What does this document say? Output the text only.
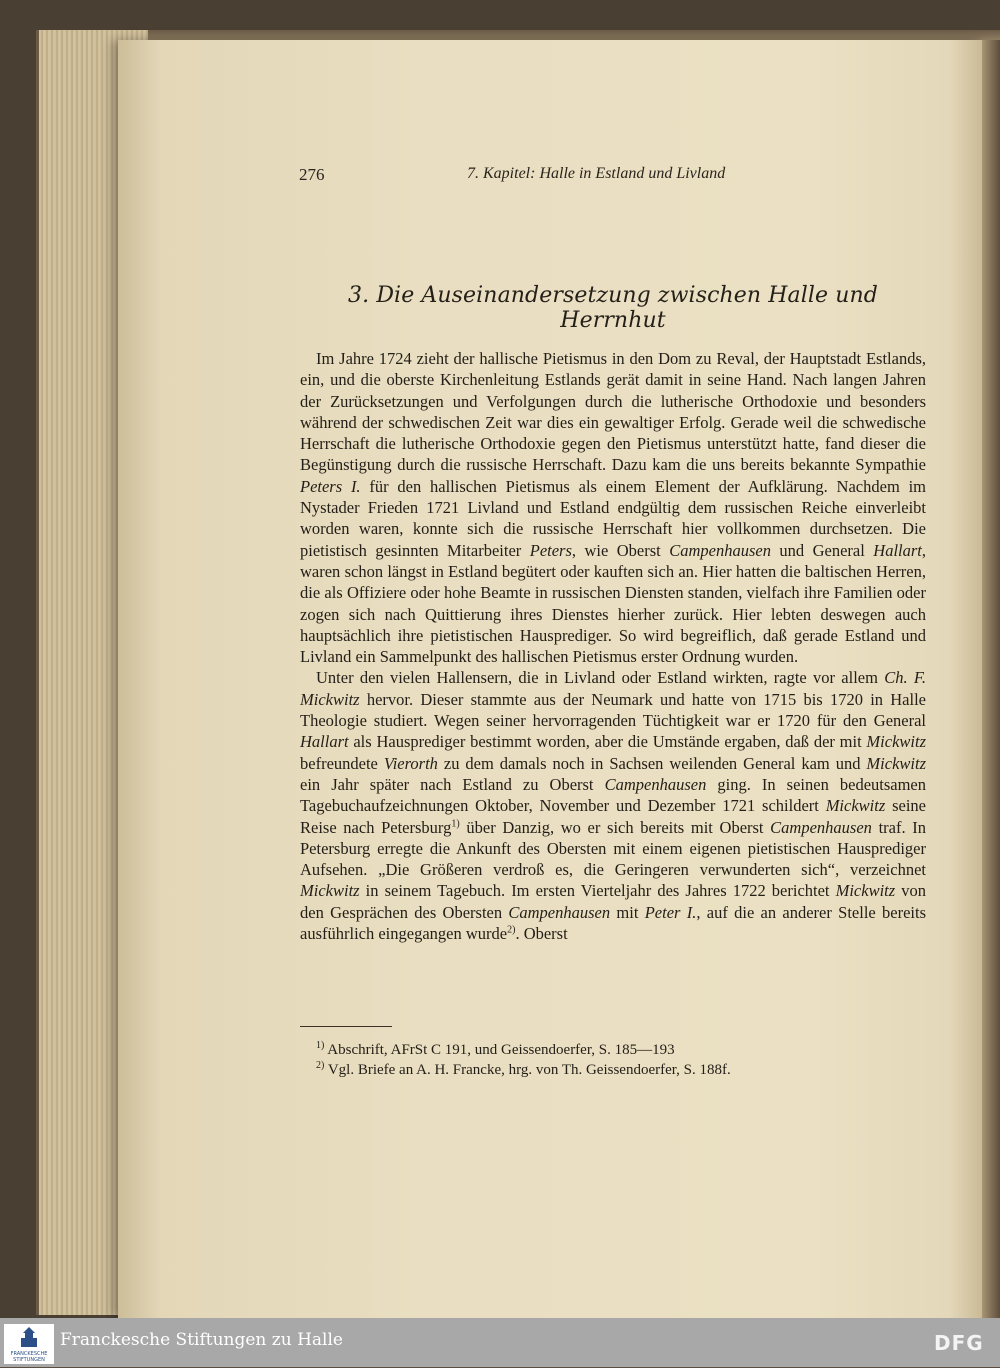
276	7. Kapitel: Halle in Estland und Livland
3. Die Auseinandersetzung zwischen Halle und Herrnhut

Im Jahre 1724 zieht der hallische Pietismus in den Dom zu Reval, der Hauptstadt Estlands, ein, und die oberste Kirchenleitung Estlands gerät damit in seine Hand. Nach langen Jahren der Zurücksetzungen und Verfolgungen durch die lutherische Orthodoxie und besonders während der schwedischen Zeit war dies ein gewaltiger Erfolg. Gerade weil die schwedische Herrschaft die lutherische Orthodoxie gegen den Pietismus unterstützt hatte, fand dieser die Begünstigung durch die russische Herrschaft. Dazu kam die uns bereits bekannte Sympathie Peters I. für den hallischen Pietismus als einem Element der Aufklärung. Nachdem im Nystader Frieden 1721 Livland und Estland endgültig dem russischen Reiche einverleibt worden waren, konnte sich die russische Herrschaft hier vollkommen durchsetzen. Die pietistisch gesinnten Mitarbeiter Peters, wie Oberst Campenhausen und General Hallart, waren schon längst in Estland begütert oder kauften sich an. Hier hatten die baltischen Herren, die als Offiziere oder hohe Beamte in russischen Diensten standen, vielfach ihre Familien oder zogen sich nach Quittierung ihres Dienstes hierher zurück. Hier lebten deswegen auch hauptsächlich ihre pietistischen Hausprediger. So wird begreiflich, daß gerade Estland und Livland ein Sammelpunkt des hallischen Pietismus erster Ordnung wurden.

Unter den vielen Hallensern, die in Livland oder Estland wirkten, ragte vor allem Ch. F. Mickwitz hervor. Dieser stammte aus der Neumark und hatte von 1715 bis 1720 in Halle Theologie studiert. Wegen seiner hervorragenden Tüchtigkeit war er 1720 für den General Hallart als Hausprediger bestimmt worden, aber die Umstände ergaben, daß der mit Mickwitz befreundete Vierorth zu dem damals noch in Sachsen weilenden General kam und Mickwitz ein Jahr später nach Estland zu Oberst Campenhausen ging. In seinen bedeutsamen Tagebuchaufzeichnungen Oktober, November und Dezember 1721 schildert Mickwitz seine Reise nach Petersburg$^{1)}$ über Danzig, wo er sich bereits mit Oberst Campenhausen traf. In Petersburg erregte die Ankunft des Obersten mit einem eigenen pietistischen Hausprediger Aufsehen. „Die Größeren verdroß es, die Geringeren verwunderten sich“, verzeichnet Mickwitz in seinem Tagebuch. Im ersten Vierteljahr des Jahres 1722 berichtet Mickwitz von den Gesprächen des Obersten Campenhausen mit Peter I., auf die an anderer Stelle bereits ausführlich eingegangen wurde$^{2)}$. Oberst

$^{1)}$ Abschrift, AFrSt C 191, und Geissendoerfer, S. 185—193
$^{2)}$ Vgl. Briefe an A. H. Francke, hrg. von Th. Geissendoerfer, S. 188f.
FRANCKESCHE
STIFTUNGEN
Franckesche Stiftungen zu Halle	DFG
